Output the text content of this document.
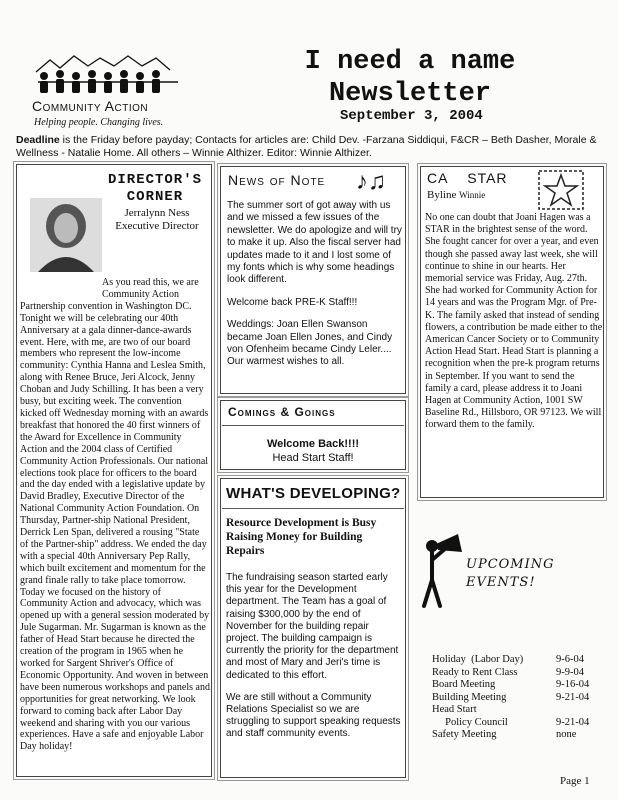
Community Action
Helping people. Changing lives.
I need a name
Newsletter
September 3, 2004
Deadline is the Friday before payday; Contacts for articles are: Child Dev. -Farzana Siddiqui, F&CR – Beth Dasher, Morale & Wellness - Natalie Home. All others – Winnie Althizer. Editor: Winnie Althizer.
DIRECTOR'S
CORNER
Jerralynn Ness
Executive Director
As you read this, we are
Community Action
Partnership convention in Washington DC. Tonight we will be celebrating our 40th Anniversary at a gala dinner-dance-awards event. Here, with me, are two of our board members who represent the low-income community: Cynthia Hanna and Leslea Smith, along with Renee Bruce, Jeri Alcock, Jenny Choban and Judy Schilling. It has been a very busy, but exciting week. The convention kicked off Wednesday morning with an awards breakfast that honored the 40 first winners of the Award for Excellence in Community Action and the 2004 class of Certified Community Action Professionals. Our national elections took place for officers to the board and the day ended with a legislative update by David Bradley, Executive Director of the National Community Action Foundation. On Thursday, Partner-ship National President, Derrick Len Span, delivered a rousing "State of the Partner-ship" address. We ended the day with a special 40th Anniversary Pep Rally, which built excitement and momentum for the grand finale rally to take place tomorrow. Today we focused on the history of Community Action and advocacy, which was opened up with a general session moderated by Jule Sugarman. Mr. Sugarman is known as the father of Head Start because he directed the creation of the program in 1965 when he worked for Sargent Shriver's Office of Economic Opportunity. And woven in between have been numerous workshops and panels and opportunities for great networking. We look forward to coming back after Labor Day weekend and sharing with you our various experiences. Have a safe and enjoyable Labor Day holiday!
News of Note ♪♫

The summer sort of got away with us and we missed a few issues of the newsletter. We do apologize and will try to make it up. Also the fiscal server had updates made to it and I lost some of my fonts which is why some headings look different.

Welcome back PRE-K Staff!!!

Weddings: Joan Ellen Swanson became Joan Ellen Jones, and Cindy von Ofenheim became Cindy Leler.... Our warmest wishes to all.

Comings & Goings
Welcome Back!!!!
Head Start Staff!
WHAT'S DEVELOPING?
Resource Development is Busy Raising Money for Building Repairs

The fundraising season started early this year for the Development department. The Team has a goal of raising $300,000 by the end of November for the building repair project. The building campaign is currently the priority for the department and most of Mary and Jeri's time is dedicated to this effort.

We are still without a Community Relations Specialist so we are struggling to support speaking requests and staff community events.

CA    STAR
Byline Winnie
No one can doubt that Joani Hagen was a STAR in the brightest sense of the word. She fought cancer for over a year, and even though she passed away last week, she will continue to shine in our hearts. Her memorial service was Friday, Aug. 27th. She had worked for Community Action for 14 years and was the Program Mgr. of Pre-K. The family asked that instead of sending flowers, a contribution be made either to the American Cancer Society or to Community Action Head Start. Head Start is planning a recognition when the pre-k program returns in September. If you want to send the family a card, please address it to Joani Hagen at Community Action, 1001 SW Baseline Rd., Hillsboro, OR 97123. We will forward them to the family.
UPCOMING
EVENTS!
Holiday  (Labor Day)	9-6-04
Ready to Rent Class	9-9-04
Board Meeting	9-16-04
Building Meeting	9-21-04
Head Start
Policy Council	9-21-04
Safety Meeting	none
Page 1
